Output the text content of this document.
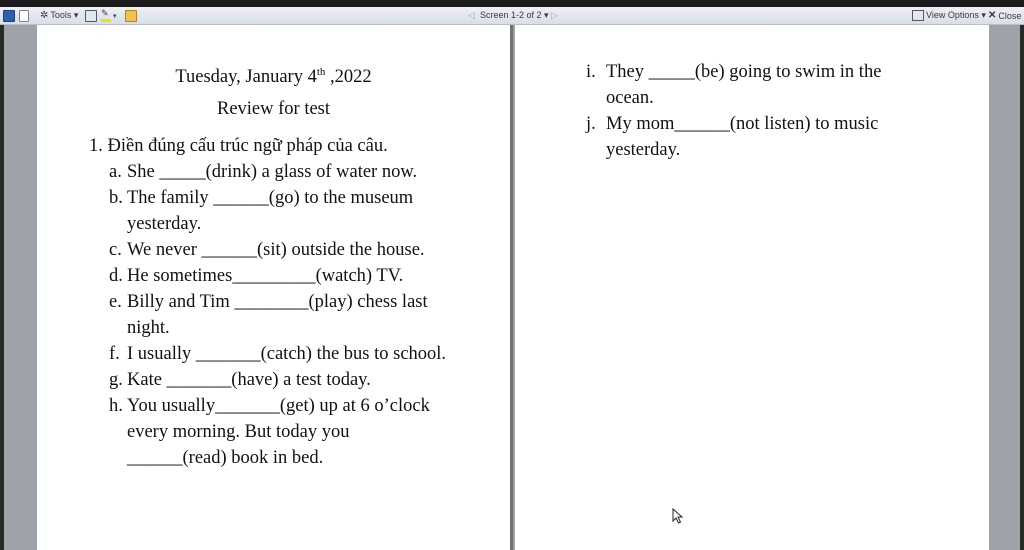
✲ Tools ▾	✎ ▾	◁ Screen 1-2 of 2 ▾ ▷	View Options ▾ ✕ Close
Tuesday, January 4th ,2022
Review for test
1. Điền đúng cấu trúc ngữ pháp của câu.
a. She _____(drink) a glass of water now.
b. The family ______(go) to the museum
yesterday.
c. We never ______(sit) outside the house.
d. He sometimes_________(watch) TV.
e. Billy and Tim ________(play) chess last
night.
f. I usually _______(catch) the bus to school.
g. Kate _______(have) a test today.
h. You usually_______(get) up at 6 o’clock
every morning. But today you
______(read) book in bed.
i. They _____(be) going to swim in the
ocean.
j. My mom______(not listen) to music
yesterday.
